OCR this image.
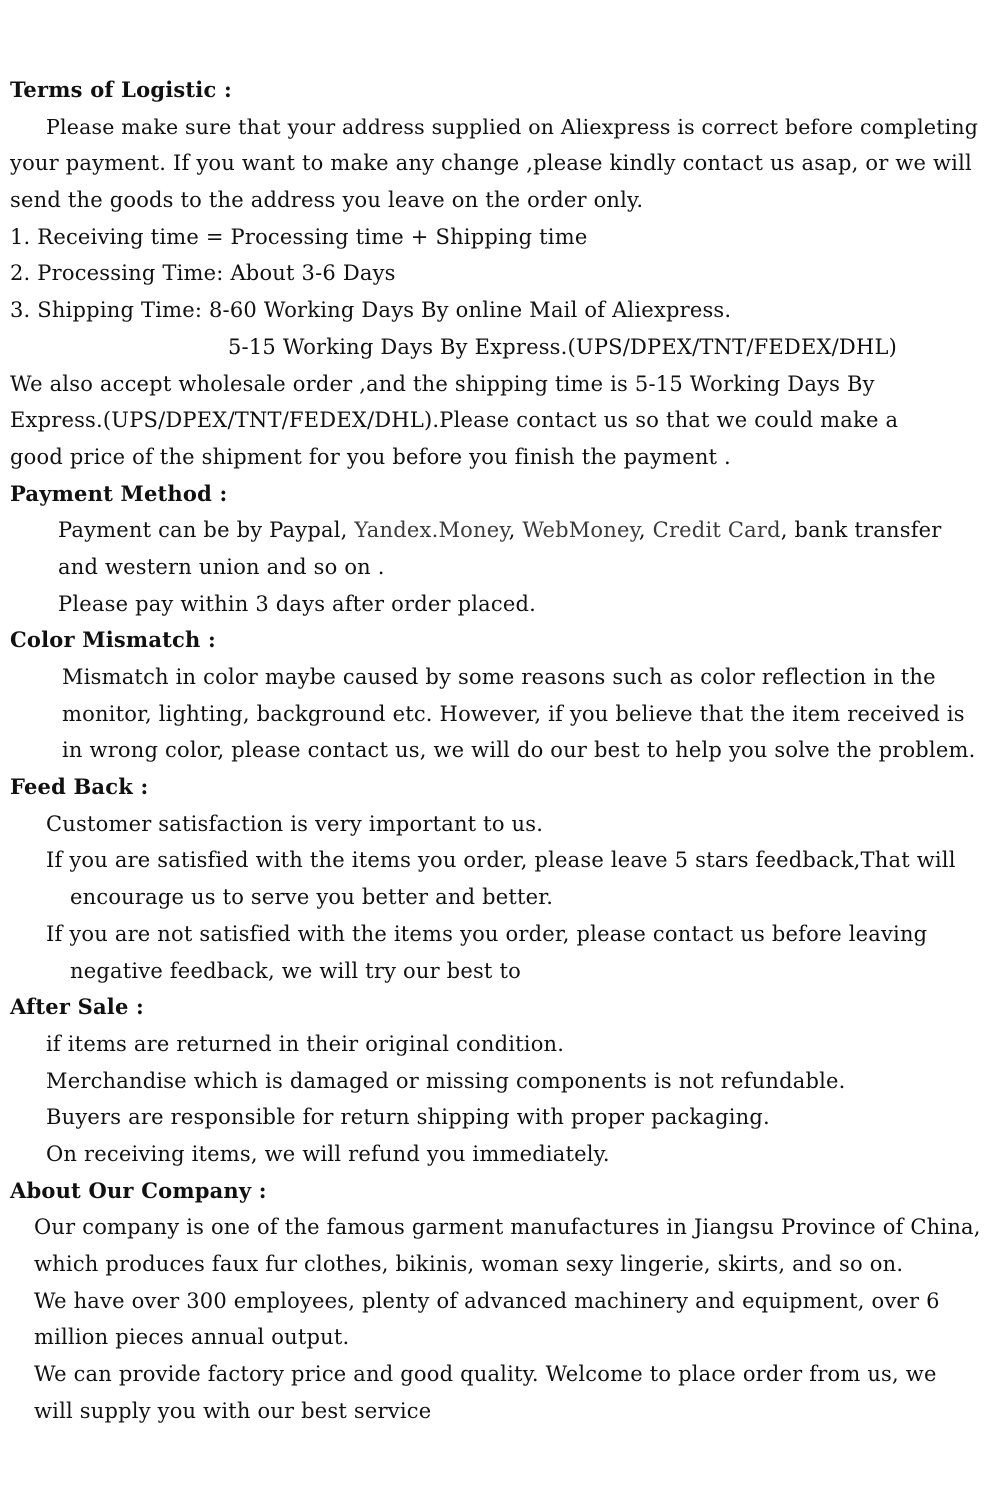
Terms of Logistic :
Please make sure that your address supplied on Aliexpress is correct before completing
your payment. If you want to make any change ,please kindly contact us asap, or we will
send the goods to the address you leave on the order only.
1. Receiving time = Processing time + Shipping time
2. Processing Time: About 3-6 Days
3. Shipping Time: 8-60 Working Days By online Mail of Aliexpress.
5-15 Working Days By Express.(UPS/DPEX/TNT/FEDEX/DHL)
We also accept wholesale order ,and the shipping time is 5-15 Working Days By
Express.(UPS/DPEX/TNT/FEDEX/DHL).Please contact us so that we could make a
good price of the shipment for you before you finish the payment .
Payment Method :
Payment can be by Paypal, Yandex.Money, WebMoney, Credit Card, bank transfer
and western union and so on .
Please pay within 3 days after order placed.
Color Mismatch :
Mismatch in color maybe caused by some reasons such as color reflection in the
monitor, lighting, background etc. However, if you believe that the item received is
in wrong color, please contact us, we will do our best to help you solve the problem.
Feed Back :
Customer satisfaction is very important to us.
If you are satisfied with the items you order, please leave 5 stars feedback,That will
encourage us to serve you better and better.
If you are not satisfied with the items you order, please contact us before leaving
negative feedback, we will try our best to
After Sale :
if items are returned in their original condition.
Merchandise which is damaged or missing components is not refundable.
Buyers are responsible for return shipping with proper packaging.
On receiving items, we will refund you immediately.
About Our Company :
Our company is one of the famous garment manufactures in Jiangsu Province of China,
which produces faux fur clothes, bikinis, woman sexy lingerie, skirts, and so on.
We have over 300 employees, plenty of advanced machinery and equipment, over 6
million pieces annual output.
We can provide factory price and good quality. Welcome to place order from us, we
will supply you with our best service
